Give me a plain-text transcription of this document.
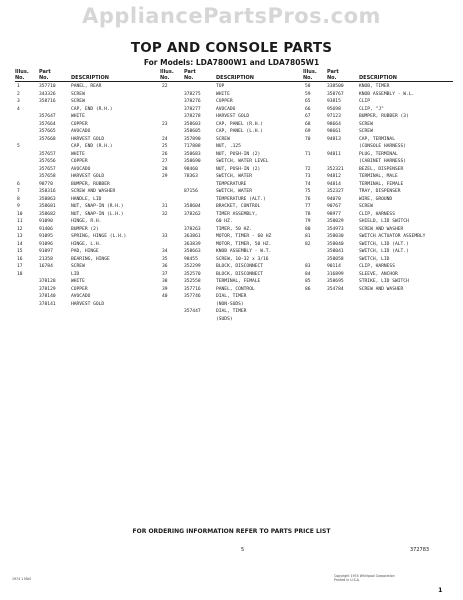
AppliancePartsPros.com
TOP AND CONSOLE PARTS
For Models: LDA7800W1 and LDA7805W1
Illus.	Part
No.	No.	DESCRIPTION
1	357710	PANEL, REAR
2	343326	SCREW
3	358716	SCREW
4	CAP, END (R.H.)
357647	WHITE
357664	COPPER
357665	AVOCADO
357668	HARVEST GOLD
5	CAP, END (R.H.)
357657	WHITE
357656	COPPER
357657	AVOCADO
357658	HARVEST GOLD
6	98770	BUMPER, RUBBER
7	358316	SCREW AND WASHER
8	358863	HANDLE, LID
9	358681	NUT, SNAP-IN (R.H.)
10	358682	NUT, SNAP-IN (L.H.)
11	91090	HINGE, R.H.
12	91406	BUMPER (2)
13	91095	SPRING, HINGE (L.H.)
14	91096	HINGE, L.H.
15	91097	PAD, HINGE
16	21358	BEARING, HINGE
17	16784	SCREW
18	LID
378128	WHITE
378129	COPPER
378140	AVOCADO
378141	HARVEST GOLD
Illus.	Part
No.	No.	DESCRIPTION
22	TOP
378275	WHITE
378276	COPPER
378277	AVOCADO
378278	HARVEST GOLD
23	358603	CAP, PANEL (R.H.)
358605	CAP, PANEL (L.H.)
24	357890	SCREW
25	717888	NUT, .125
26	358683	NUT, PUSH-IN (2)
27	358690	SWITCH, WATER LEVEL
28	98460	NUT, PUSH-IN (2)
29	78363	SWITCH, WATER
TEMPERATURE
87156	SWITCH, WATER
TEMPERATURE (ALT.)
31	358604	BRACKET, CONTROL
32	378262	TIMER ASSEMBLY,
60 HZ.
378263	TIMER, 50 HZ.
33	363861	MOTOR, TIMER - 60 HZ
363839	MOTOR, TIMER, 50 HZ.
34	358663	KNOB ASSEMBLY - W.T.
35	98455	SCREW, 10-32 x 3/16
36	352299	BLOCK, DISCONNECT
37	352570	BLOCK, DISCONNECT
38	352558	TERMINAL, FEMALE
39	357716	PANEL, CONTROL
40	357746	DIAL, TIMER
(NON-SUDS)
357447	DIAL, TIMER
(SUDS)
Illus.	Part
No.	No.	DESCRIPTION
58	338500	KNOB, TIMER
59	358767	KNOB ASSEMBLY - W.L.
65	93815	CLIP
66	95698	CLIP, "J"
67	97123	BUMPER, RUBBER (3)
68	98664	SCREW
69	98661	SCREW
70	94813	CAP, TERMINAL
(CONSOLE HARNESS)
71	94811	PLUG, TERMINAL
(CABINET HARNESS)
72	352321	BEZEL, DISPENSER
73	94812	TERMINAL, MALE
74	94814	TERMINAL, FEMALE
75	352327	TRAY, DISPENSER
76	94070	WIRE, GROUND
77	90767	SCREW
78	98977	CLIP, HARNESS
79	358029	SHIELD, LID SWITCH
80	354973	SCREW AND WASHER
81	358030	SWITCH ACTUATOR ASSEMBLY
82	358040	SWITCH, LID (ALT.)
358041	SWITCH, LID (ALT.)
358058	SWITCH, LID
83	90114	CLIP, HARNESS
84	316899	SLEEVE, ANCHOR
85	358695	STRIKE, LID SWITCH
86	354784	SCREW AND WASHER
FOR ORDERING INFORMATION REFER TO PARTS PRICE LIST
5	372783
1974 1 MAS
Copyright 1974 Whirlpool Corporation
Printed in U.S.A.
1
